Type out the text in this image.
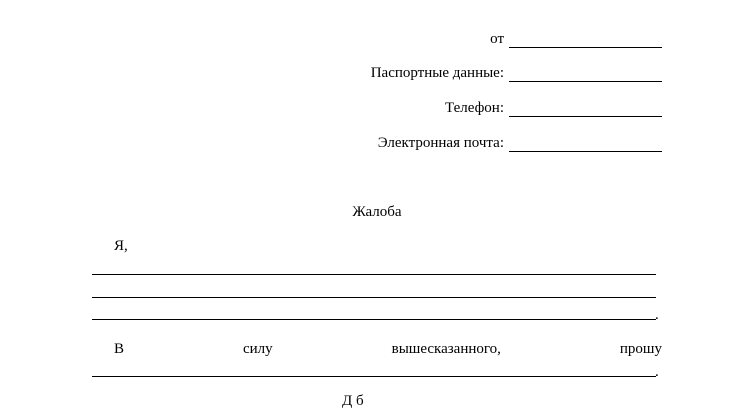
от
Паспортные данные:
Телефон:
Электронная почта:
Жалоба
Я,
.
В	силу	вышесказанного,	прошу
.
Д б
